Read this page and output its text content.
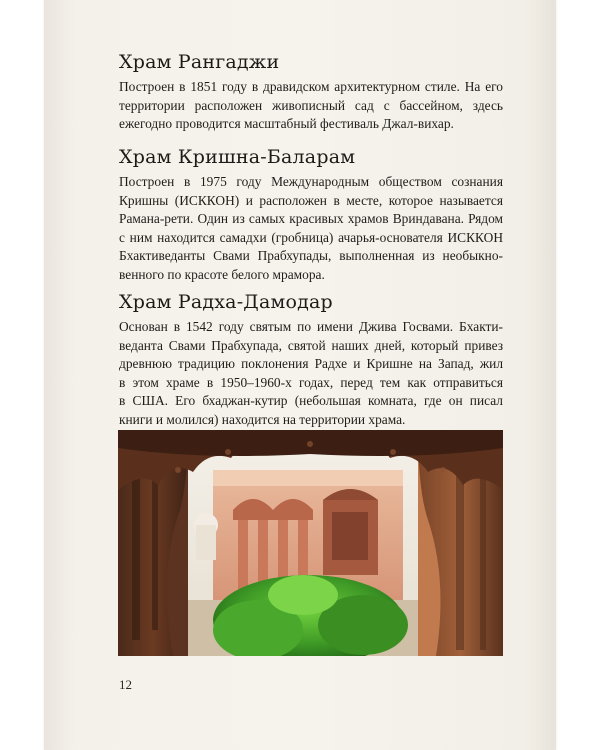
Храм Рангаджи

Построен в 1851 году в дравидском архитектурном стиле. На его
территории расположен живописный сад с бассейном, здесь
ежегодно проводится масштабный фестиваль Джал-вихар.

Храм Кришна-Баларам

Построен в 1975 году Международным обществом сознания
Кришны (ИСККОН) и расположен в месте, которое называется
Рамана-рети. Один из самых красивых храмов Вриндавана. Рядом
с ним находится самадхи (гробница) ачарья-основателя ИСККОН
Бхактиведанты Свами Прабхупады, выполненная из необыкно-
венного по красоте белого мрамора.

Храм Радха-Дамодар

Основан в 1542 году святым по имени Джива Госвами. Бхакти-
веданта Свами Прабхупада, святой наших дней, который привез
древнюю традицию поклонения Радхе и Кришне на Запад, жил
в этом храме в 1950–1960-х годах, перед тем как отправиться
в США. Его бхаджан-кутир (небольшая комната, где он писал
книги и молился) находится на территории храма.

12
